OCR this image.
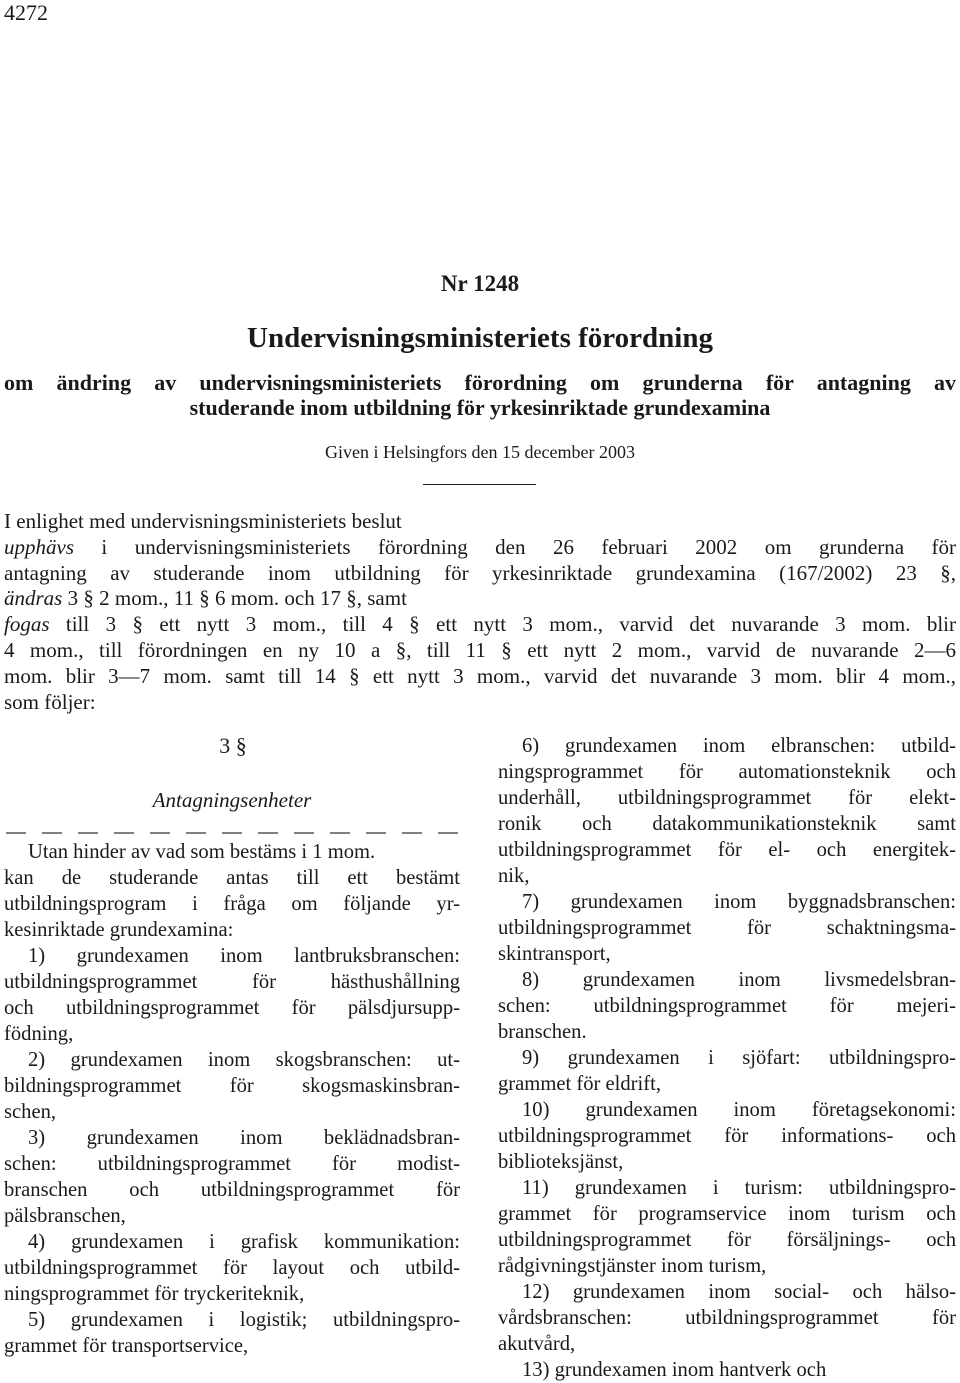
4272
Nr 1248
Undervisningsministeriets förordning
om ändring av undervisningsministeriets förordning om grunderna för antagning av
studerande inom utbildning för yrkesinriktade grundexamina
Given i Helsingfors den 15 december 2003
I enlighet med undervisningsministeriets beslut
upphävs i undervisningsministeriets förordning den 26 februari 2002 om grunderna för
antagning av studerande inom utbildning för yrkesinriktade grundexamina (167/2002) 23 §,
ändras 3 § 2 mom., 11 § 6 mom. och 17 §, samt
fogas till 3 § ett nytt 3 mom., till 4 § ett nytt 3 mom., varvid det nuvarande 3 mom. blir
4 mom., till förordningen en ny 10 a §, till 11 § ett nytt 2 mom., varvid de nuvarande 2—6
mom. blir 3—7 mom. samt till 14 § ett nytt 3 mom., varvid det nuvarande 3 mom. blir 4 mom.,
som följer:
3 §
Antagningsenheter
Utan hinder av vad som bestäms i 1 mom.
kan de studerande antas till ett bestämt
utbildningsprogram i fråga om följande yr-
kesinriktade grundexamina:
1) grundexamen inom lantbruksbranschen:
utbildningsprogrammet för hästhushållning
och utbildningsprogrammet för pälsdjursupp-
födning,
2) grundexamen inom skogsbranschen: ut-
bildningsprogrammet för skogsmaskinsbran-
schen,
3) grundexamen inom beklädnadsbran-
schen: utbildningsprogrammet för modist-
branschen och utbildningsprogrammet för
pälsbranschen,
4) grundexamen i grafisk kommunikation:
utbildningsprogrammet för layout och utbild-
ningsprogrammet för tryckeriteknik,
5) grundexamen i logistik; utbildningspro-
grammet för transportservice,
6) grundexamen inom elbranschen: utbild-
ningsprogrammet för automationsteknik och
underhåll, utbildningsprogrammet för elekt-
ronik och datakommunikationsteknik samt
utbildningsprogrammet för el- och energitek-
nik,
7) grundexamen inom byggnadsbranschen:
utbildningsprogrammet för schaktningsma-
skintransport,
8) grundexamen inom livsmedelsbran-
schen: utbildningsprogrammet för mejeri-
branschen.
9) grundexamen i sjöfart: utbildningspro-
grammet för eldrift,
10) grundexamen inom företagsekonomi:
utbildningsprogrammet för informations- och
biblioteksjänst,
11) grundexamen i turism: utbildningspro-
grammet för programservice inom turism och
utbildningsprogrammet för försäljnings- och
rådgivningstjänster inom turism,
12) grundexamen inom social- och hälso-
vårdsbranschen: utbildningsprogrammet för
akutvård,
13) grundexamen inom hantverk och
